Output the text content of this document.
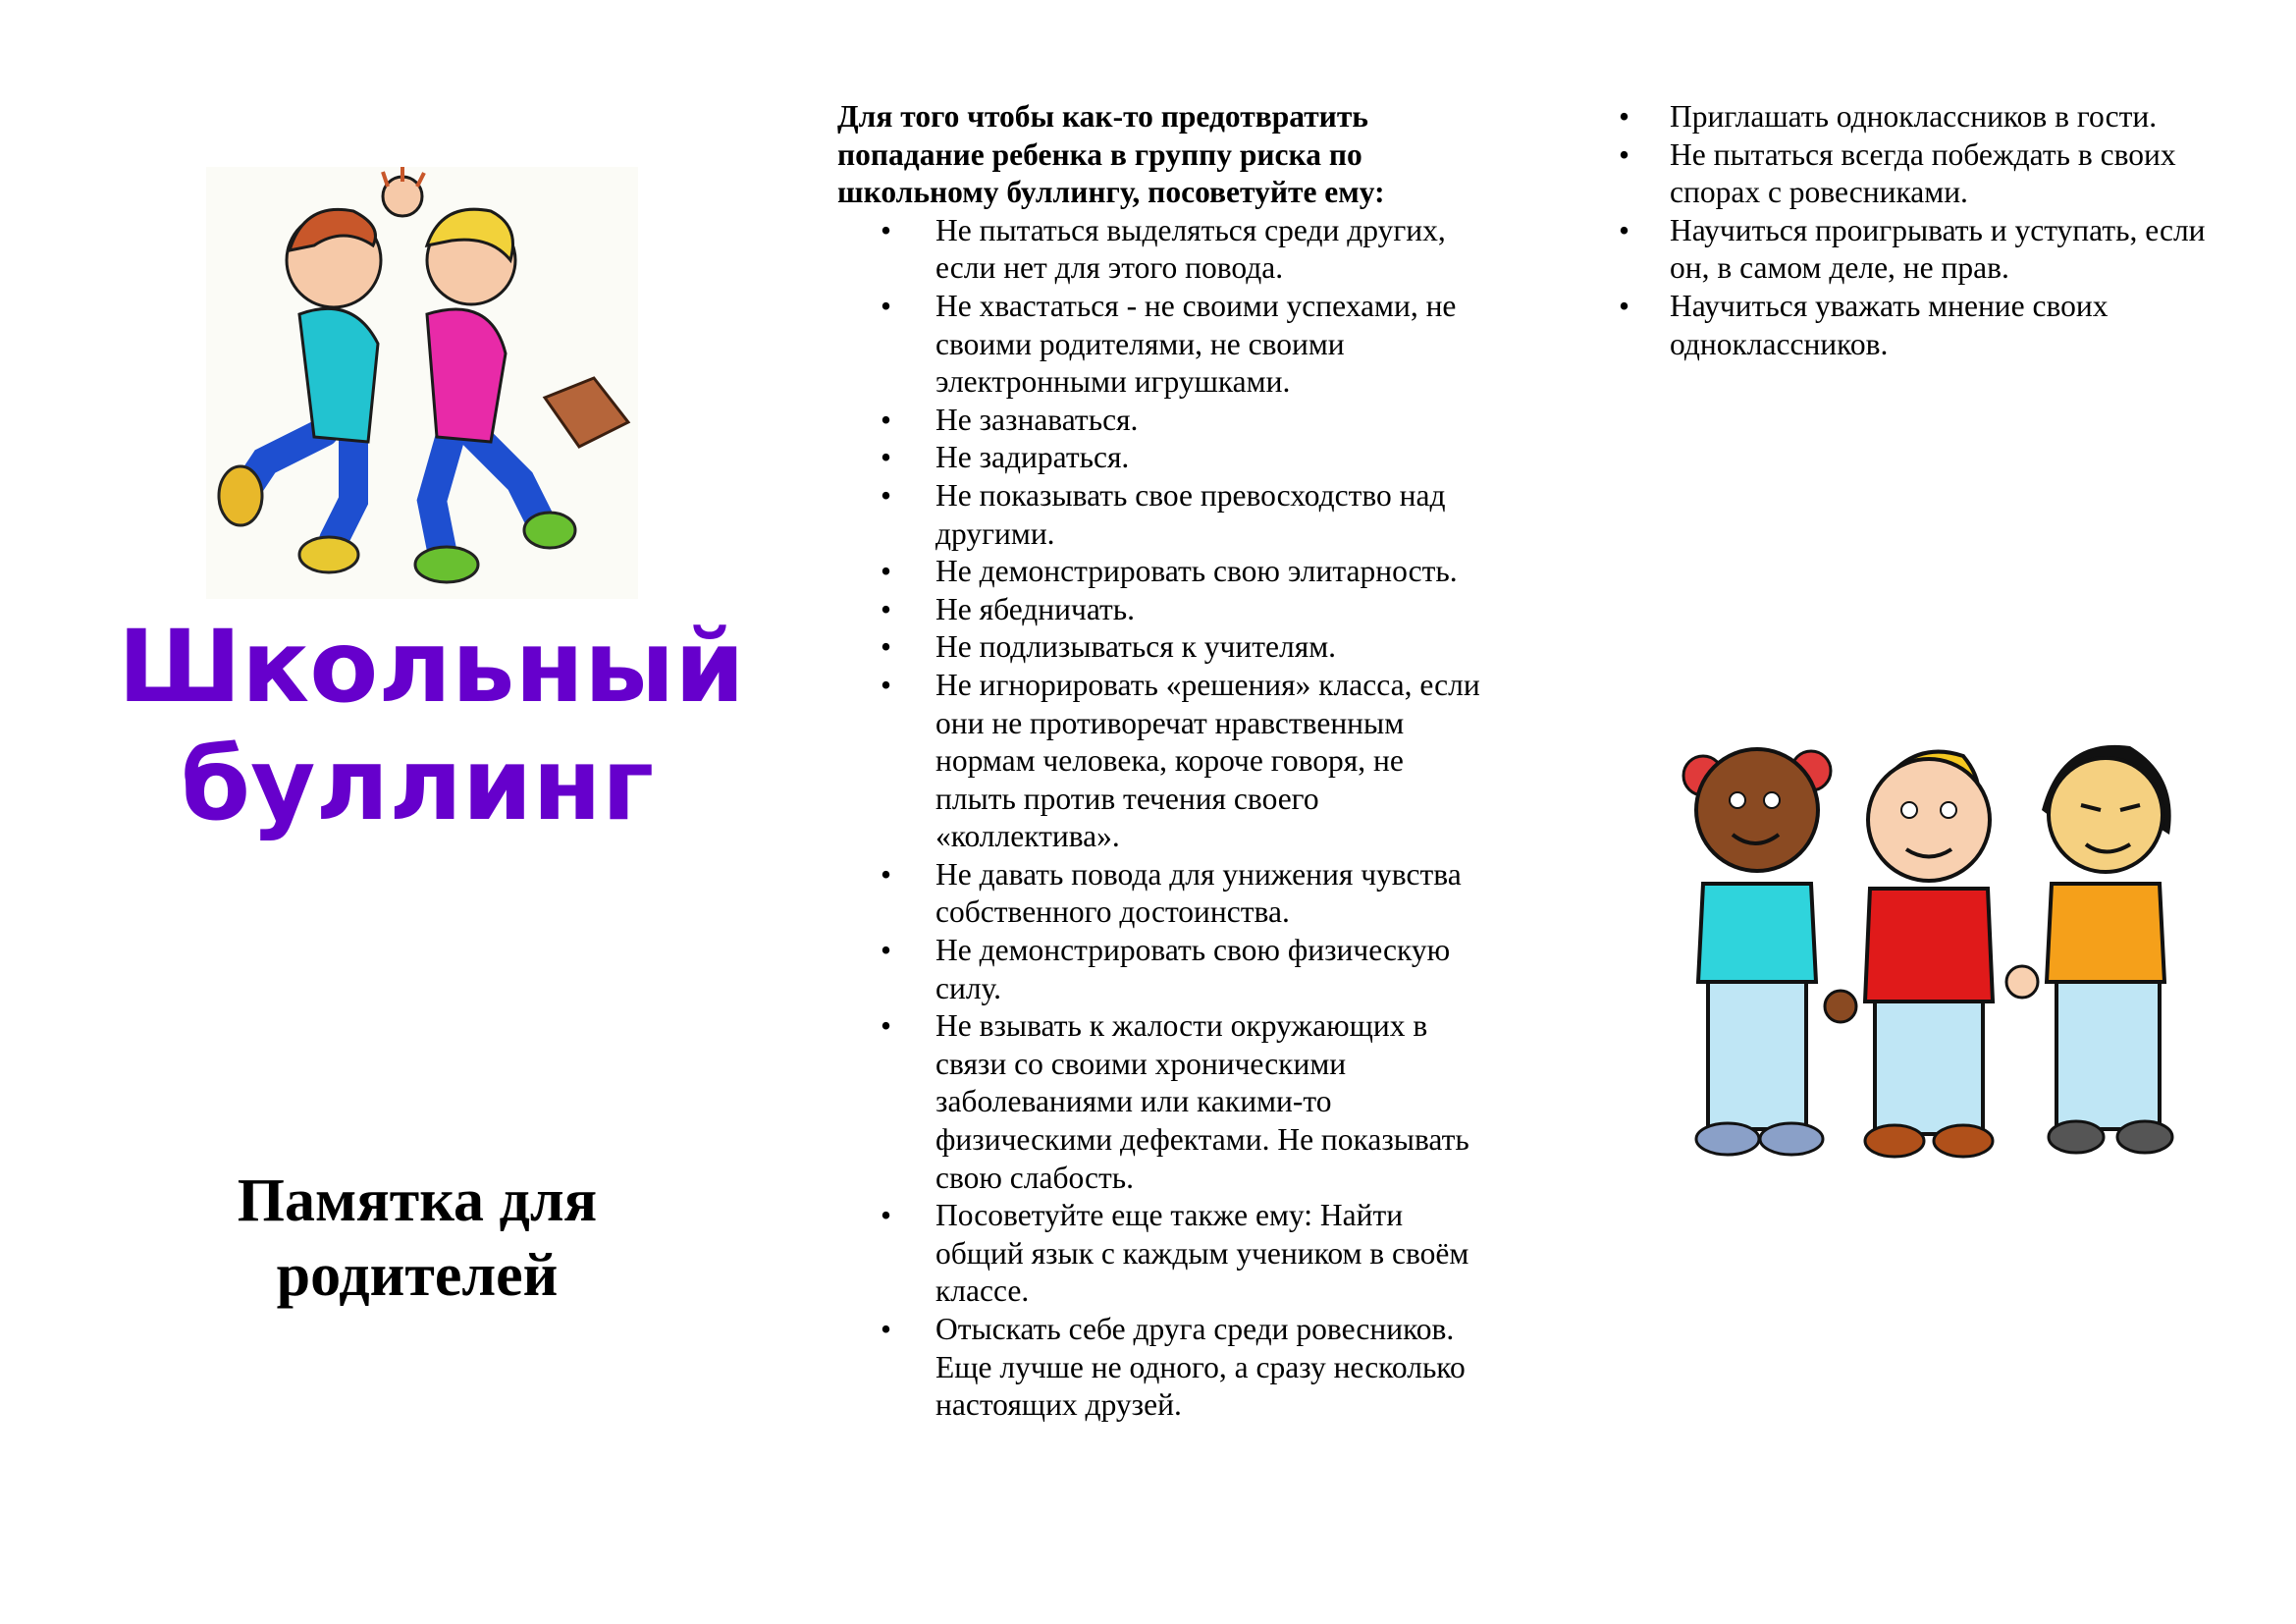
Школьный буллинг
Памятка для родителей

Для того чтобы как-то предотвратить попадание ребенка в группу риска по школьному буллингу, посоветуйте ему:

• Не пытаться выделяться среди других, если нет для этого повода.
• Не хвастаться - не своими успехами, не своими родителями, не своими электронными игрушками.
• Не зазнаваться.
• Не задираться.
• Не показывать свое превосходство над другими.
• Не демонстрировать свою элитарность.
• Не ябедничать.
• Не подлизываться к учителям.
• Не игнорировать «решения» класса, если они не противоречат нравственным нормам человека, короче говоря, не плыть против течения своего «коллектива».
• Не давать повода для унижения чувства собственного достоинства.
• Не демонстрировать свою физическую силу.
• Не взывать к жалости окружающих в связи со своими хроническими заболеваниями или какими-то физическими дефектами. Не показывать свою слабость.
• Посоветуйте еще также ему: Найти общий язык с каждым учеником в своём классе.
• Отыскать себе друга среди ровесников. Еще лучше не одного, а сразу несколько настоящих друзей.
• Приглашать одноклассников в гости.
• Не пытаться всегда побеждать в своих спорах с ровесниками.
• Научиться проигрывать и уступать, если он, в самом деле, не прав.
• Научиться уважать мнение своих одноклассников.
